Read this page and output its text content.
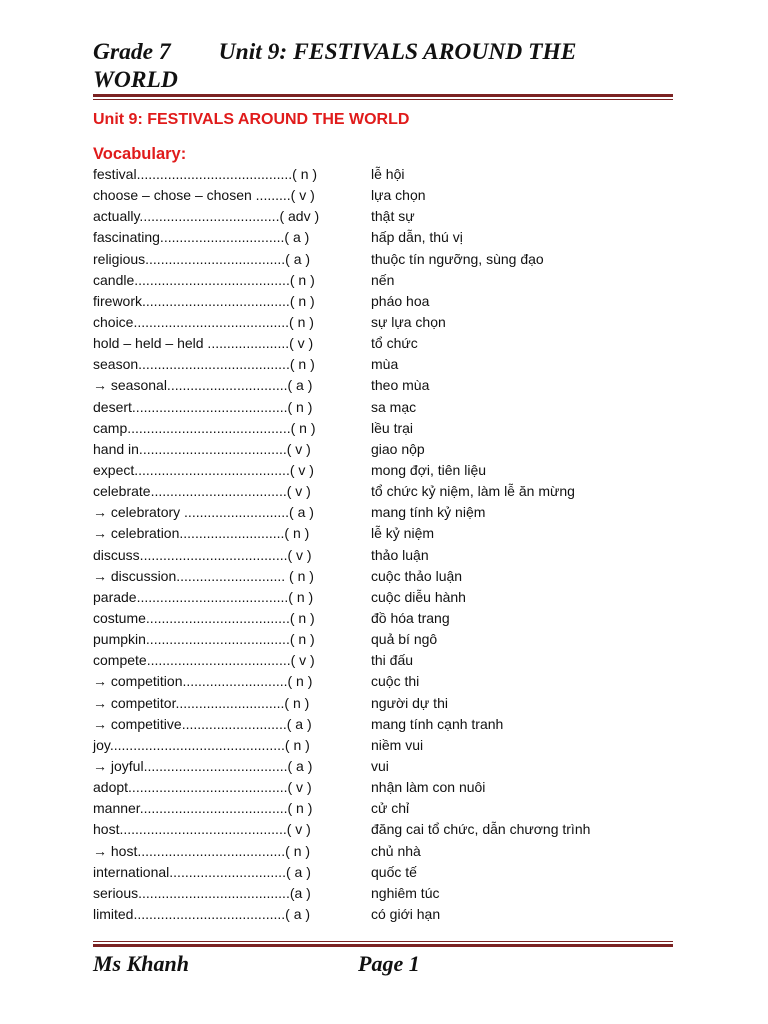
Grade 7 Unit 9: FESTIVALS AROUND THE
WORLD

Unit 9: FESTIVALS AROUND THE WORLD

Vocabulary:

festival........................................( n )	lễ hội
choose – chose – chosen .........( v )	lựa chọn
actually....................................( adv )	thật sự
fascinating................................( a )	hấp dẫn, thú vị
religious....................................( a )	thuộc tín ngưỡng, sùng đạo
candle........................................( n )	nến
firework......................................( n )	pháo hoa
choice........................................( n )	sự lựa chọn
hold – held – held .....................( v )	tổ chức
season.......................................( n )	mùa
→ seasonal...............................( a )	theo mùa
desert........................................( n )	sa mạc
camp..........................................( n )	lều trại
hand in......................................( v )	giao nộp
expect........................................( v )	mong đợi, tiên liệu
celebrate...................................( v )	tổ chức kỷ niệm, làm lễ ăn mừng
→ celebratory ...........................( a )	mang tính kỷ niệm
→ celebration...........................( n )	lễ kỷ niệm
discuss......................................( v )	thảo luận
→ discussion............................ ( n )	cuộc thảo luận
parade.......................................( n )	cuộc diễu hành
costume.....................................( n )	đồ hóa trang
pumpkin.....................................( n )	quả bí ngô
compete.....................................( v )	thi đấu
→ competition...........................( n )	cuộc thi
→ competitor............................( n )	người dự thi
→ competitive...........................( a )	mang tính cạnh tranh
joy.............................................( n )	niềm vui
→ joyful.....................................( a )	vui
adopt.........................................( v )	nhận làm con nuôi
manner......................................( n )	cử chỉ
host...........................................( v )	đăng cai tổ chức, dẫn chương trình
→ host......................................( n )	chủ nhà
international..............................( a )	quốc tế
serious.......................................(a )	nghiêm túc
limited.......................................( a )	có giới hạn
Ms Khanh	Page 1
